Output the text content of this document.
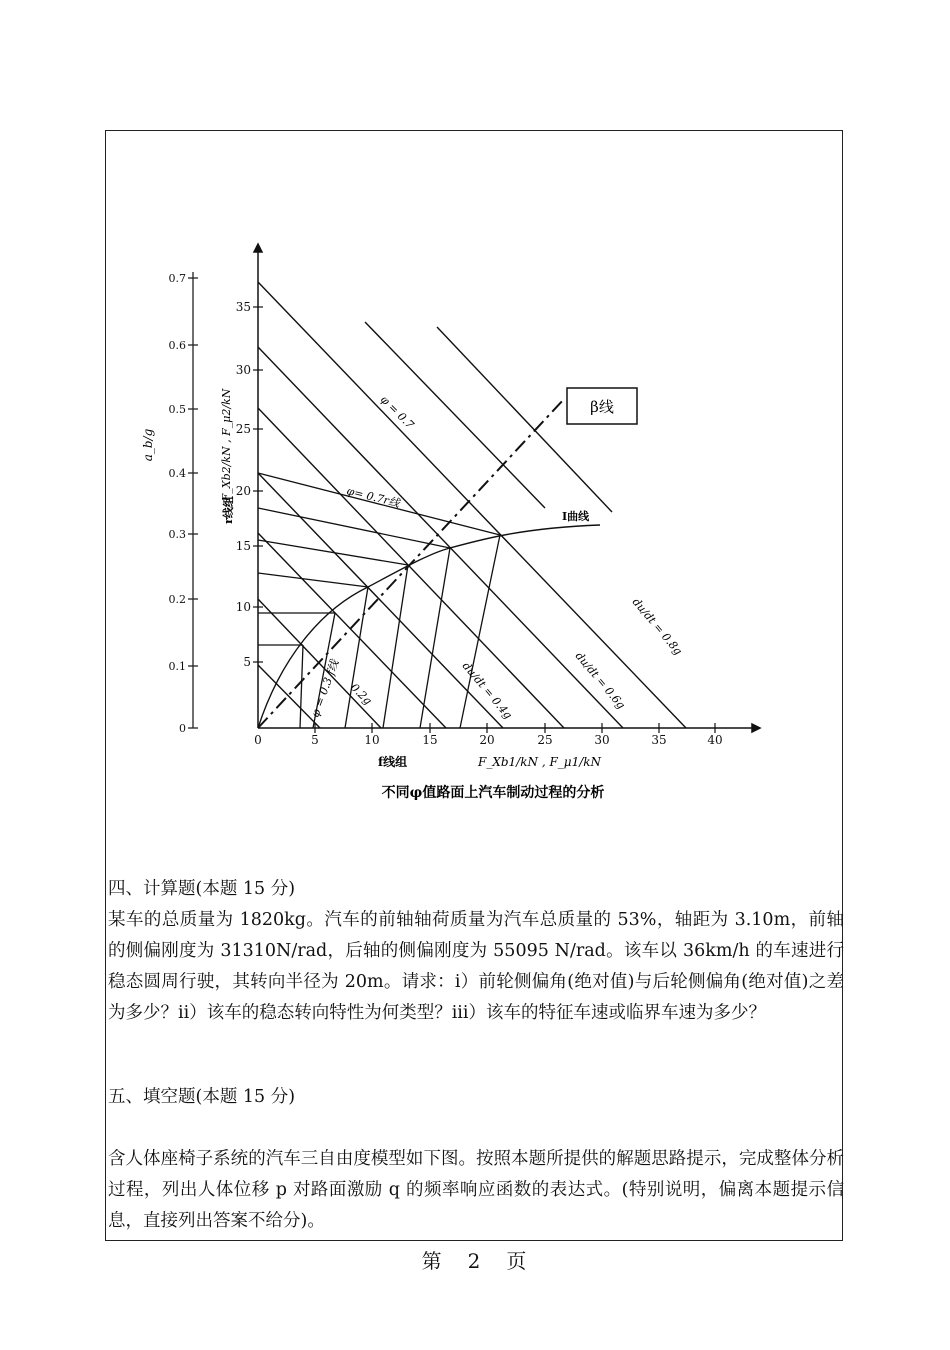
0.7
0.6
0.5
0.4
0.3
0.2
0.1
0
a_b/g
35
30
25
20
15
10
5
0	5	10	15	20	25	30	35	40
F_Xb2/kN , F_μ2/kN
r线组
f线组	F_Xb1/kN , F_μ1/kN
β线
φ = 0.7
φ= 0.7r线
I曲线
du/dt = 0.8g
du/dt = 0.6g
du/dt = 0.4g
0.2g
φ = 0.3 f线
不同φ值路面上汽车制动过程的分析

四、计算题(本题 15 分)

某车的总质量为 1820kg。汽车的前轴轴荷质量为汽车总质量的 53%，轴距为 3.10m，前轴的侧偏刚度为 31310N/rad，后轴的侧偏刚度为 55095 N/rad。该车以 36km/h 的车速进行稳态圆周行驶，其转向半径为 20m。请求：i）前轮侧偏角(绝对值)与后轮侧偏角(绝对值)之差为多少？ii）该车的稳态转向特性为何类型？iii）该车的特征车速或临界车速为多少？

五、填空题(本题 15 分)

含人体座椅子系统的汽车三自由度模型如下图。按照本题所提供的解题思路提示，完成整体分析过程，列出人体位移 p 对路面激励 q 的频率响应函数的表达式。(特别说明，偏离本题提示信息，直接列出答案不给分)。

第 2 页
